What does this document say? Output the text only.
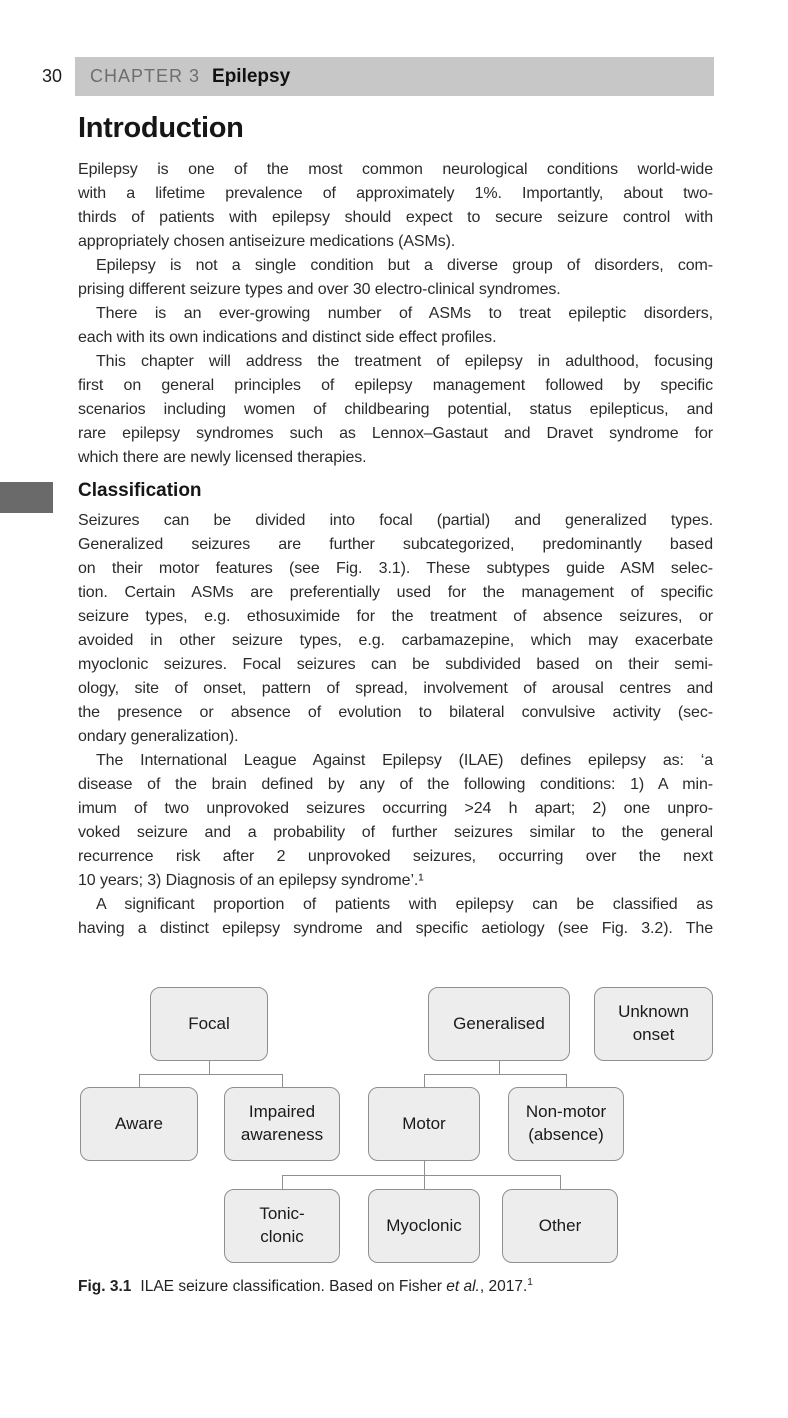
30 CHAPTER 3 Epilepsy
Introduction
Epilepsy is one of the most common neurological conditions world-wide
with a lifetime prevalence of approximately 1%. Importantly, about two-
thirds of patients with epilepsy should expect to secure seizure control with
appropriately chosen antiseizure medications (ASMs).
Epilepsy is not a single condition but a diverse group of disorders, com-
prising different seizure types and over 30 electro-clinical syndromes.
There is an ever-growing number of ASMs to treat epileptic disorders,
each with its own indications and distinct side effect profiles.
This chapter will address the treatment of epilepsy in adulthood, focusing
first on general principles of epilepsy management followed by specific
scenarios including women of childbearing potential, status epilepticus, and
rare epilepsy syndromes such as Lennox–Gastaut and Dravet syndrome for
which there are newly licensed therapies.
Classification
Seizures can be divided into focal (partial) and generalized types.
Generalized seizures are further subcategorized, predominantly based
on their motor features (see Fig. 3.1). These subtypes guide ASM selec-
tion. Certain ASMs are preferentially used for the management of specific
seizure types, e.g. ethosuximide for the treatment of absence seizures, or
avoided in other seizure types, e.g. carbamazepine, which may exacerbate
myoclonic seizures. Focal seizures can be subdivided based on their semi-
ology, site of onset, pattern of spread, involvement of arousal centres and
the presence or absence of evolution to bilateral convulsive activity (sec-
ondary generalization).
The International League Against Epilepsy (ILAE) defines epilepsy as: ‘a
disease of the brain defined by any of the following conditions: 1) A min-
imum of two unprovoked seizures occurring >24 h apart; 2) one unpro-
voked seizure and a probability of further seizures similar to the general
recurrence risk after 2 unprovoked seizures, occurring over the next
10 years; 3) Diagnosis of an epilepsy syndrome’.¹
A significant proportion of patients with epilepsy can be classified as
having a distinct epilepsy syndrome and specific aetiology (see Fig. 3.2). The
Focal	Generalised
Unknown
onset
Aware
Impaired
awareness
Motor
Non-motor
(absence)
Tonic-
clonic
Myoclonic	Other
Fig. 3.1 ILAE seizure classification. Based on Fisher et al., 2017.$^1$
